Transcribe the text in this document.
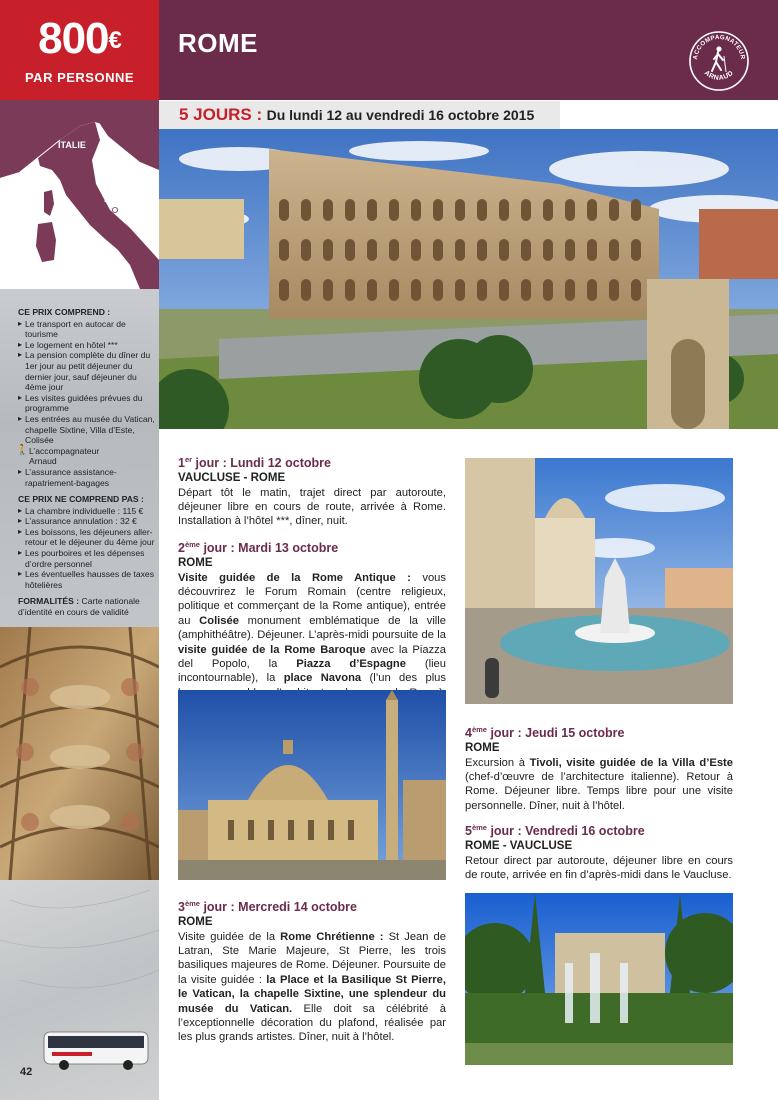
800€
PAR PERSONNE
ITALIE
Rome
CE PRIX COMPREND :
▸ Le transport en autocar de tourisme
▸ Le logement en hôtel ***
▸ La pension complète du dîner du 1er jour au petit déjeuner du dernier jour, sauf déjeuner du 4ème jour
▸ Les visites guidées prévues du programme
▸ Les entrées au musée du Vatican, chapelle Sixtine, Villa d’Este, Colisée
🚶 L’accompagnateur
Arnaud
▸ L’assurance assistance-rapatriement-bagages
CE PRIX NE COMPREND PAS :
▸ La chambre individuelle : 115 €
▸ L’assurance annulation : 32 €
▸ Les boissons, les déjeuners aller-retour et le déjeuner du 4ème jour
▸ Les pourboires et les dépenses d’ordre personnel
▸ Les éventuelles hausses de taxes hôtelières
FORMALITÉS : Carte nationale d’identité en cours de validité
42
ROME	ACCOMPAGNATEUR
ARNAUD
5 JOURS : Du lundi 12 au vendredi 16 octobre 2015
1er jour : Lundi 12 octobre
VAUCLUSE - ROME

Départ tôt le matin, trajet direct par autoroute, déjeuner libre en cours de route, arrivée à Rome. Installation à l’hôtel ***, dîner, nuit.

2ème jour : Mardi 13 octobre
ROME

Visite guidée de la Rome Antique : vous découvrirez le Forum Romain (centre religieux, politique et commerçant de la Rome antique), entrée au Colisée monument emblématique de la ville (amphithéâtre). Déjeuner. L’après-midi poursuite de la visite guidée de la Rome Baroque avec la Piazza del Popolo, la Piazza d’Espagne (lieu incontournable), la place Navona (l’un des plus

3ème jour : Mercredi 14 octobre
ROME

Visite guidée de la Rome Chrétienne : St Jean de Latran, Ste Marie Majeure, St Pierre, les trois basiliques majeures de Rome. Déjeuner. Poursuite de la visite guidée : la Place et la Basilique St Pierre, le Vatican, la chapelle Sixtine, une splendeur du musée du Vatican. Elle doit sa célébrité à l’exceptionnelle décoration du plafond, réalisée par les plus grands artistes. Dîner, nuit à l’hôtel.

4ème jour : Jeudi 15 octobre
ROME

Excursion à Tivoli, visite guidée de la Villa d’Este (chef-d’œuvre de l’architecture italienne). Retour à Rome. Déjeuner libre. Temps libre pour une visite personnelle. Dîner, nuit à l’hôtel.

5ème jour : Vendredi 16 octobre
ROME - VAUCLUSE

Retour direct par autoroute, déjeuner libre en cours de route, arrivée en fin d’après-midi dans le Vaucluse.
